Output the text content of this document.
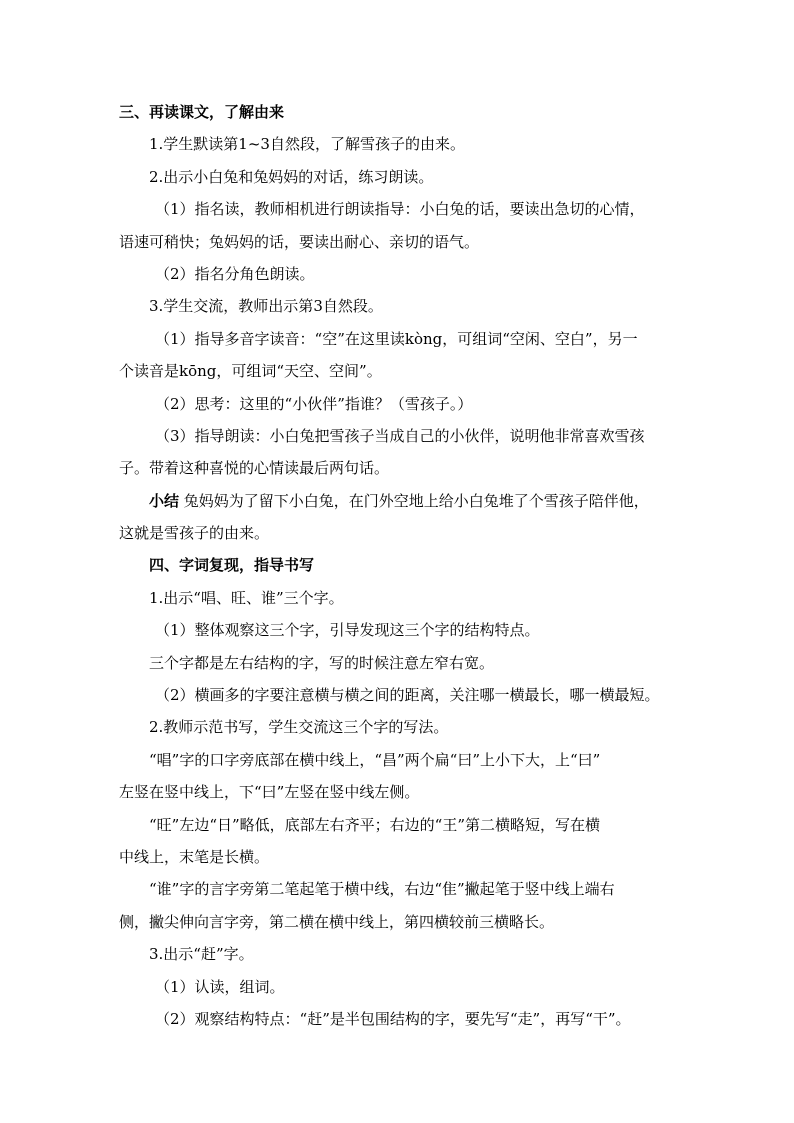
三、再读课文，了解由来
1.学生默读第1~3自然段，了解雪孩子的由来。
2.出示小白兔和兔妈妈的对话，练习朗读。
（1）指名读，教师相机进行朗读指导：小白兔的话，要读出急切的心情，
语速可稍快；兔妈妈的话，要读出耐心、亲切的语气。
（2）指名分角色朗读。
3.学生交流，教师出示第3自然段。
（1）指导多音字读音：“空”在这里读kòng，可组词“空闲、空白”，另一
个读音是kōng，可组词“天空、空间”。
（2）思考：这里的“小伙伴”指谁？（雪孩子。）
（3）指导朗读：小白兔把雪孩子当成自己的小伙伴，说明他非常喜欢雪孩
子。带着这种喜悦的心情读最后两句话。
小结 兔妈妈为了留下小白兔，在门外空地上给小白兔堆了个雪孩子陪伴他，
这就是雪孩子的由来。
四、字词复现，指导书写
1.出示“唱、旺、谁”三个字。
（1）整体观察这三个字，引导发现这三个字的结构特点。
三个字都是左右结构的字，写的时候注意左窄右宽。
（2）横画多的字要注意横与横之间的距离，关注哪一横最长，哪一横最短。
2.教师示范书写，学生交流这三个字的写法。
“唱”字的口字旁底部在横中线上，“昌”两个扁“曰”上小下大，上“曰”
左竖在竖中线上，下“曰”左竖在竖中线左侧。
“旺”左边“日”略低，底部左右齐平；右边的“王”第二横略短，写在横
中线上，末笔是长横。
“谁”字的言字旁第二笔起笔于横中线，右边“隹”撇起笔于竖中线上端右
侧，撇尖伸向言字旁，第二横在横中线上，第四横较前三横略长。
3.出示“赶”字。
（1）认读，组词。
（2）观察结构特点：“赶”是半包围结构的字，要先写“走”，再写“干”。
